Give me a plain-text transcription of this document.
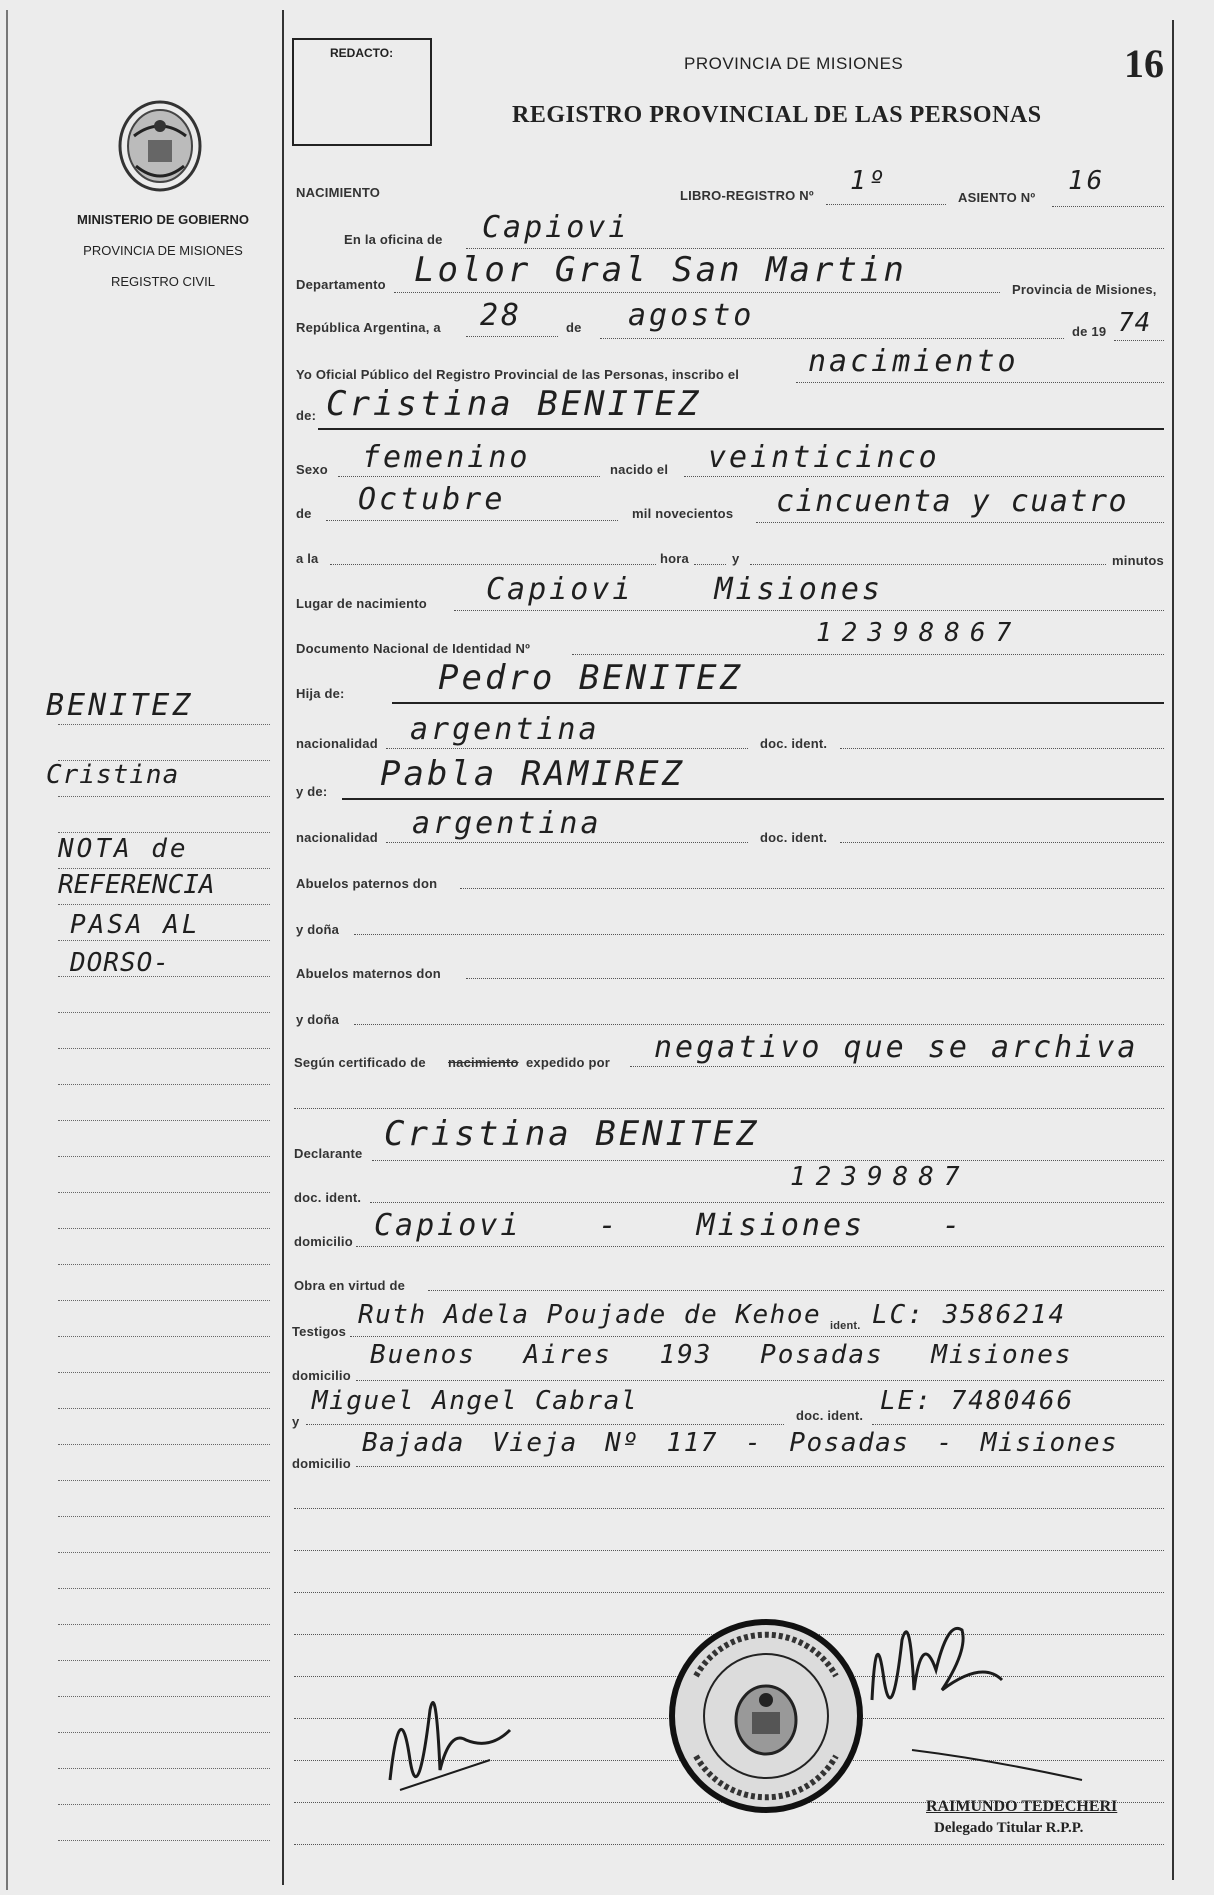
16
REDACTO:
MINISTERIO DE GOBIERNO
PROVINCIA DE MISIONES
REGISTRO CIVIL
PROVINCIA DE MISIONES
REGISTRO PROVINCIAL DE LAS PERSONAS
NACIMIENTO	LIBRO-REGISTRO Nº 1º
ASIENTO Nº
16
En la oficina de Capiovi
Departamento Lolor Gral San Martin	Provincia de Misiones,
República Argentina, a 28	de agosto	de 19 74
Yo Oficial Público del Registro Provincial de las Personas, inscribo el nacimiento
de: Cristina BENITEZ
Sexo femenino	nacido el veinticinco
de Octubre	mil novecientos cincuenta y cuatro
a la	hora	y	minutos
Lugar de nacimiento Capiovi Misiones
Documento Nacional de Identidad Nº
12398867
Hija de:	Pedro BENITEZ
nacionalidad argentina	doc. ident.
y de: Pabla RAMIREZ
nacionalidad argentina	doc. ident.
Abuelos paternos don
y doña
Abuelos maternos don
y doña
Según certificado de nacimiento expedido por negativo que se archiva
Declarante Cristina BENITEZ
doc. ident.
1239887
domicilio Capiovi - Misiones -
Obra en virtud de
Testigos
Ruth Adela Poujade de Kehoe ident. LC: 3586214
domicilio
Buenos Aires 193 Posadas Misiones
y
Miguel Angel Cabral	doc. ident. LE: 7480466
domicilio
Bajada Vieja Nº 117 - Posadas - Misiones
BENITEZ
Cristina
NOTA de
REFERENCIA
PASA AL
DORSO-
RAIMUNDO TEDECHERI
Delegado Titular R.P.P.
